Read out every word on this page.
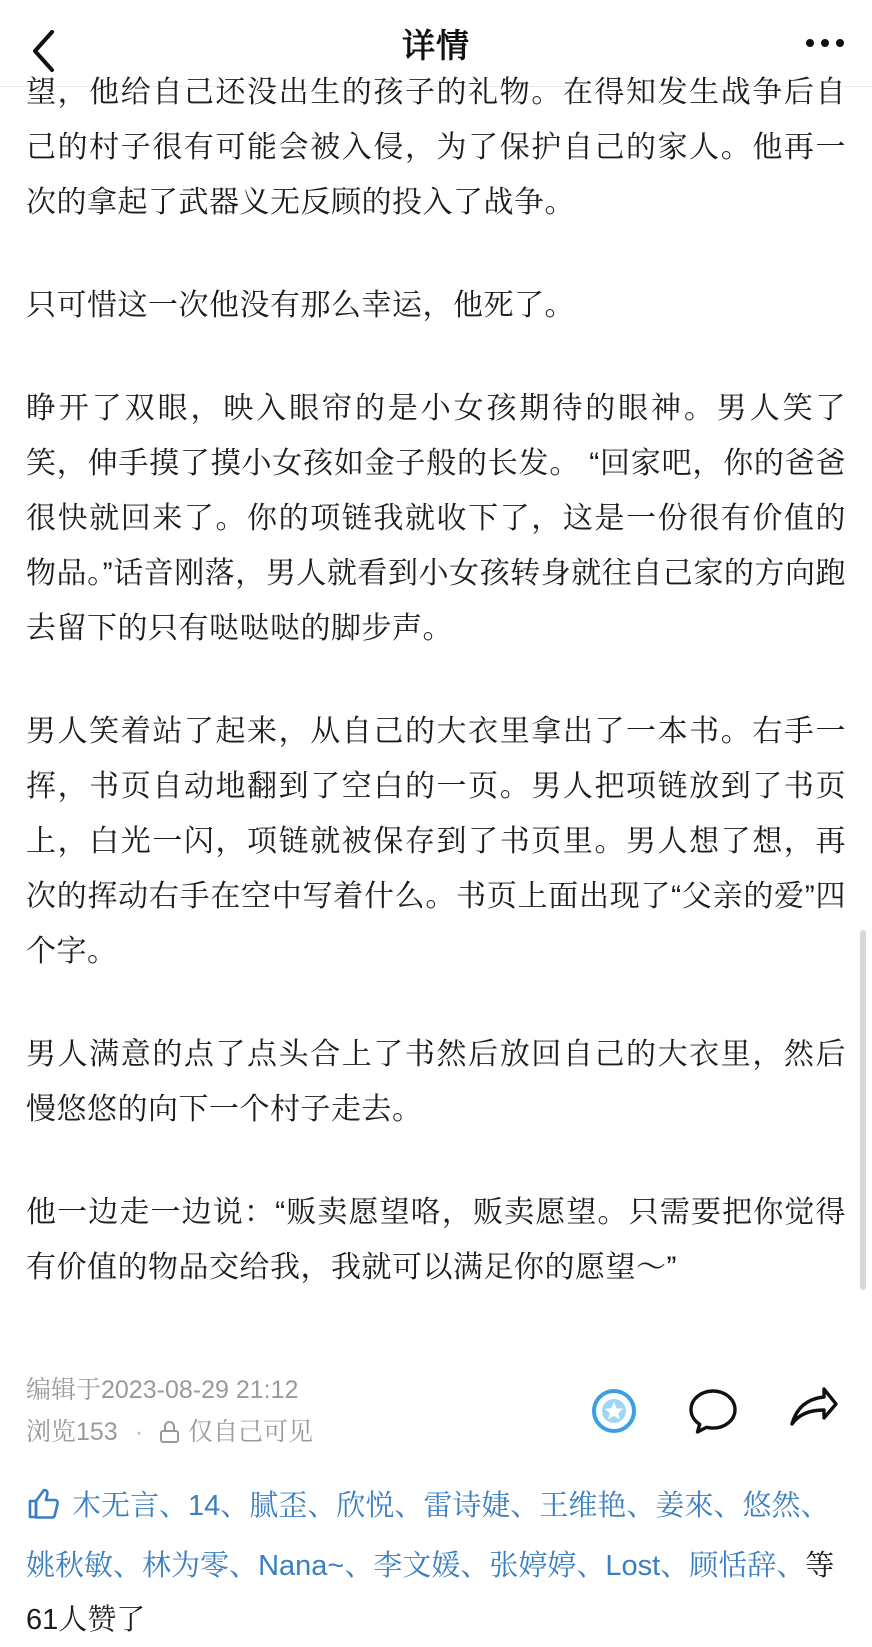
详情

望，他给自己还没出生的孩子的礼物。在得知发生战争后自己的村子很有可能会被入侵，为了保护自己的家人。他再一次的拿起了武器义无反顾的投入了战争。

只可惜这一次他没有那么幸运，他死了。

睁开了双眼，映入眼帘的是小女孩期待的眼神。男人笑了笑，伸手摸了摸小女孩如金子般的长发。 “回家吧，你的爸爸很快就回来了。你的项链我就收下了，这是一份很有价值的物品。”话音刚落，男人就看到小女孩转身就往自己家的方向跑去留下的只有哒哒哒的脚步声。

男人笑着站了起来，从自己的大衣里拿出了一本书。右手一挥，书页自动地翻到了空白的一页。男人把项链放到了书页上，白光一闪，项链就被保存到了书页里。男人想了想，再次的挥动右手在空中写着什么。书页上面出现了“父亲的爱”四个字。

男人满意的点了点头合上了书然后放回自己的大衣里，然后慢悠悠的向下一个村子走去。

他一边走一边说：“贩卖愿望咯，贩卖愿望。只需要把你觉得有价值的物品交给我，我就可以满足你的愿望～”

编辑于2023-08-29 21:12
浏览153 · 仅自己可见
木无言、14、腻歪、欣悦、雷诗婕、王维艳、姜來、悠然、姚秋敏、林为零、Nana~、李文媛、张婷婷、Lost、顾恬辞、等61人赞了
